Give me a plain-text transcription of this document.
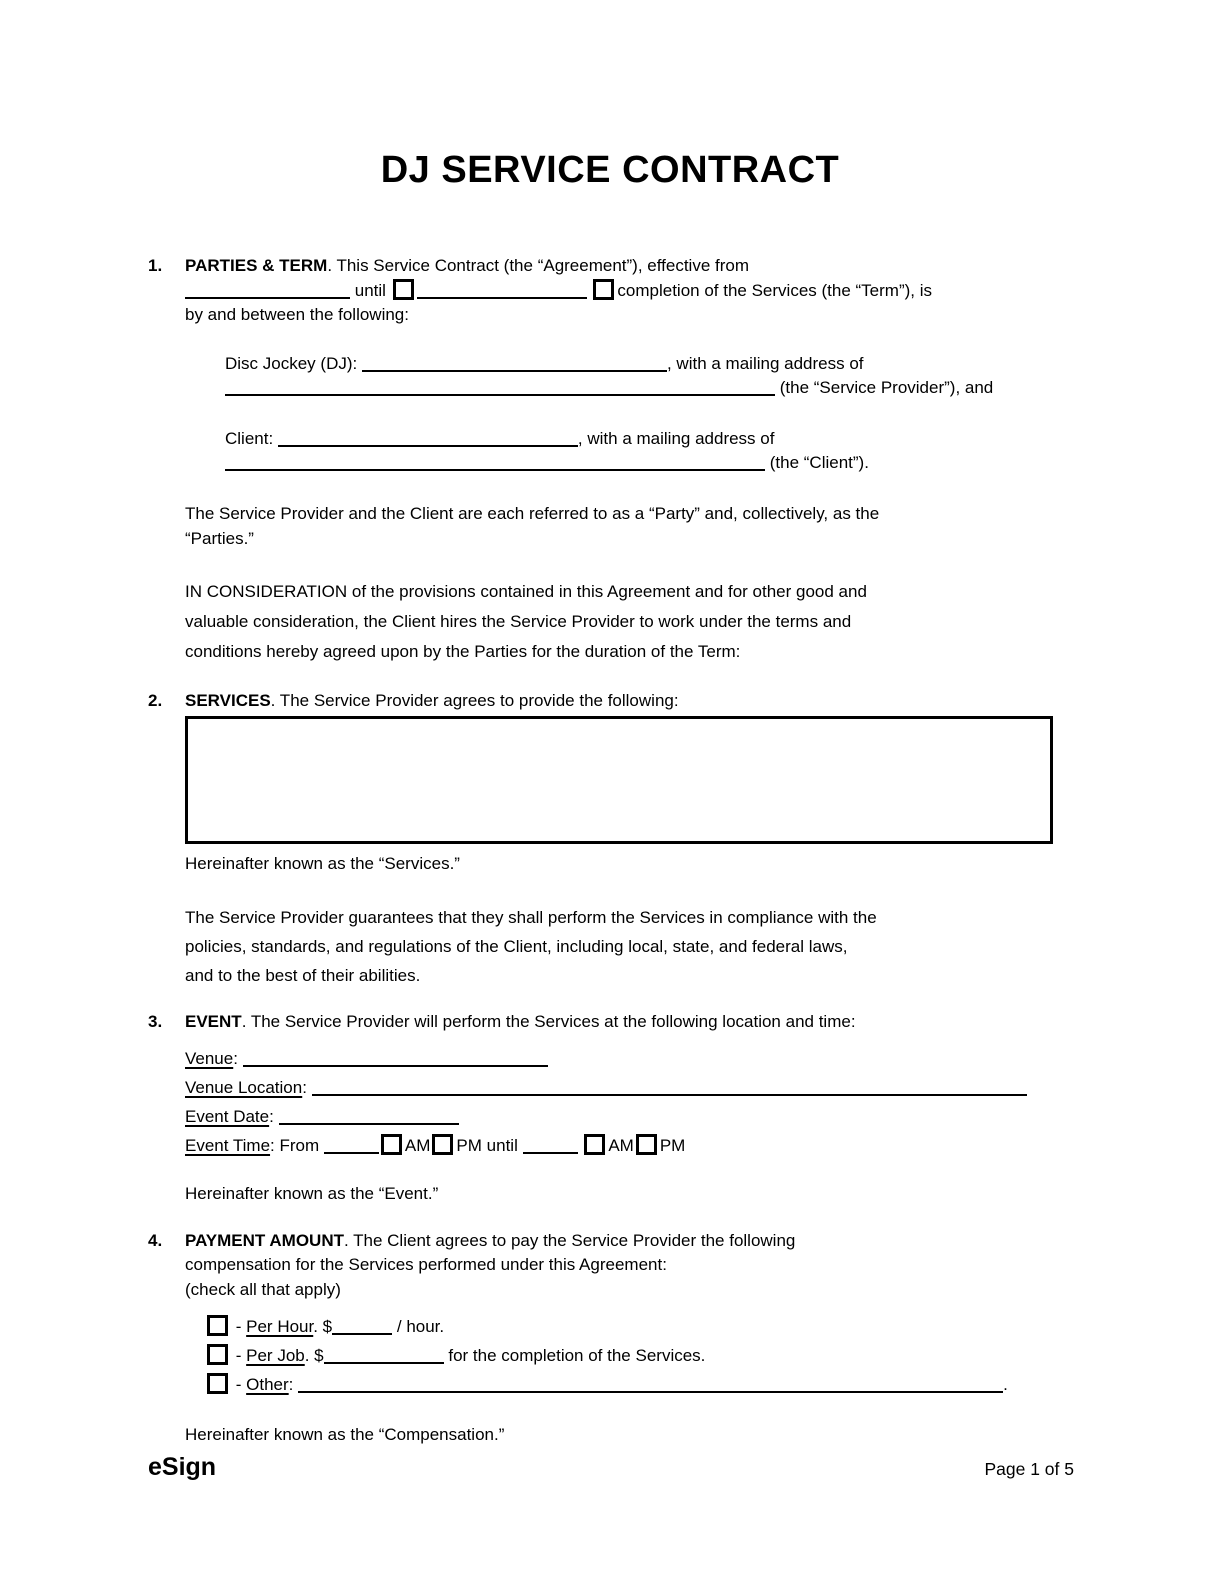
DJ SERVICE CONTRACT
1.	PARTIES & TERM. This Service Contract (the “Agreement”), effective from
until	completion of the Services (the “Term”), is
by and between the following:

Disc Jockey (DJ):	, with a mailing address of
(the “Service Provider”), and

Client:	, with a mailing address of
(the “Client”).

The Service Provider and the Client are each referred to as a “Party” and, collectively, as the
“Parties.”

IN CONSIDERATION of the provisions contained in this Agreement and for other good and
valuable consideration, the Client hires the Service Provider to work under the terms and
conditions hereby agreed upon by the Parties for the duration of the Term:

2.	SERVICES. The Service Provider agrees to provide the following:

Hereinafter known as the “Services.”

The Service Provider guarantees that they shall perform the Services in compliance with the
policies, standards, and regulations of the Client, including local, state, and federal laws,
and to the best of their abilities.

3.	EVENT. The Service Provider will perform the Services at the following location and time:

Venue:
Venue Location:
Event Date:
Event Time: From	AM PM until	AM PM

Hereinafter known as the “Event.”

4.	PAYMENT AMOUNT. The Client agrees to pay the Service Provider the following
compensation for the Services performed under this Agreement:
(check all that apply)

- Per Hour. $	/ hour.
- Per Job. $	for the completion of the Services.
- Other:	.

Hereinafter known as the “Compensation.”

eSign	Page 1 of 5
